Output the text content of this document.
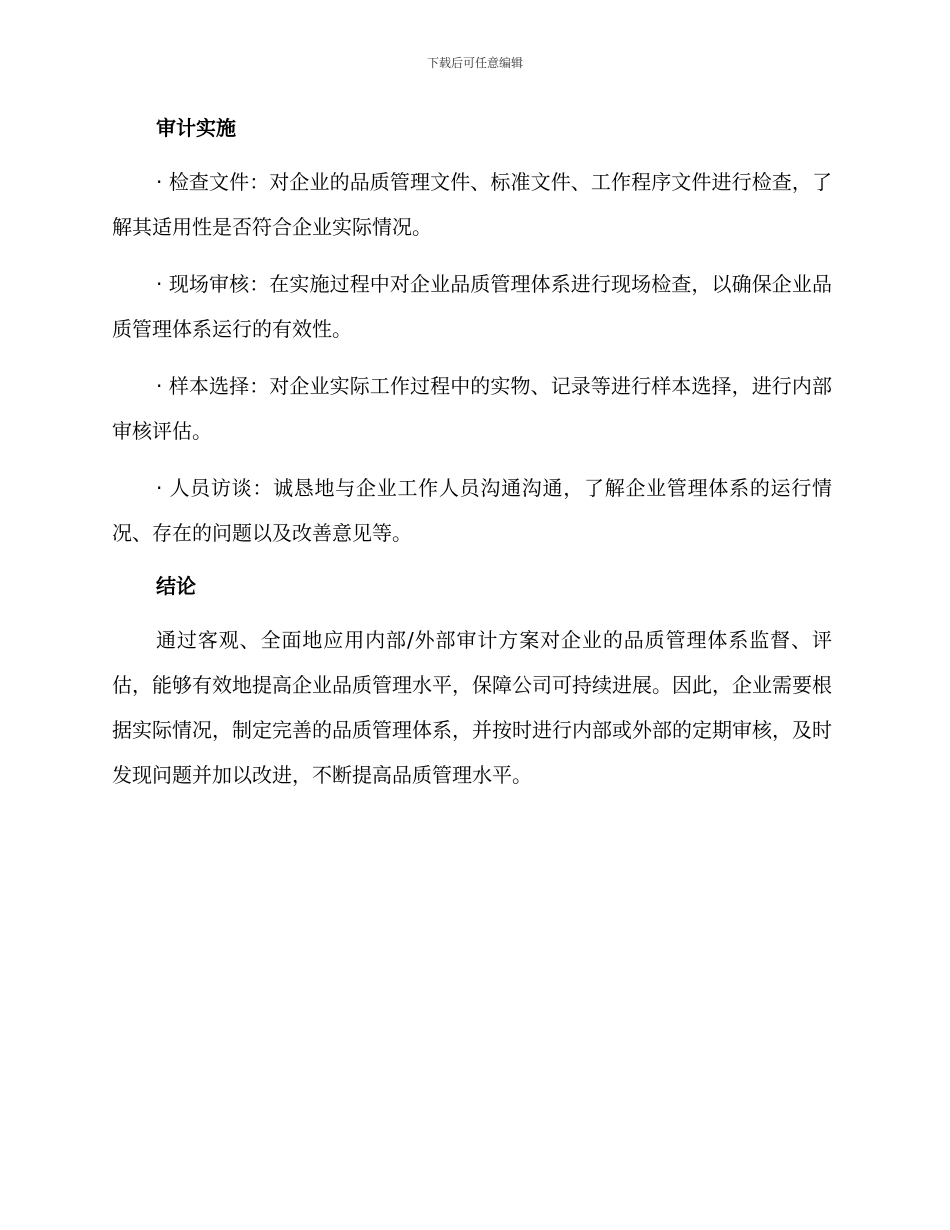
下载后可任意编辑
审计实施

· 检查文件：对企业的品质管理文件、标准文件、工作程序文件进行检查，了解其适用性是否符合企业实际情况。

· 现场审核：在实施过程中对企业品质管理体系进行现场检查，以确保企业品质管理体系运行的有效性。

· 样本选择：对企业实际工作过程中的实物、记录等进行样本选择，进行内部审核评估。

· 人员访谈：诚恳地与企业工作人员沟通沟通，了解企业管理体系的运行情况、存在的问题以及改善意见等。

结论

通过客观、全面地应用内部/外部审计方案对企业的品质管理体系监督、评估，能够有效地提高企业品质管理水平，保障公司可持续进展。因此，企业需要根据实际情况，制定完善的品质管理体系，并按时进行内部或外部的定期审核，及时发现问题并加以改进，不断提高品质管理水平。
